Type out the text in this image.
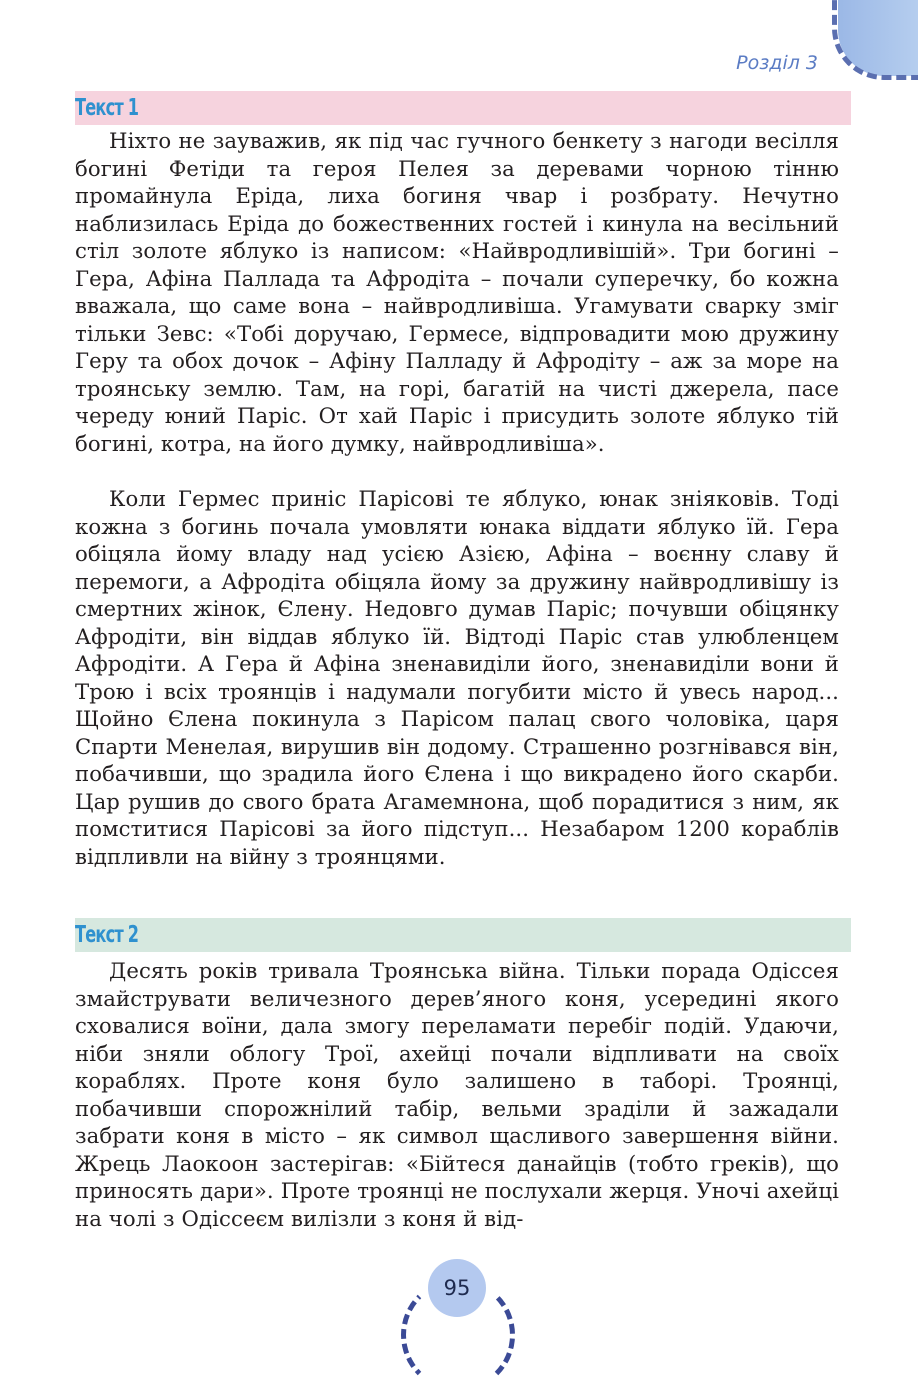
Розділ 3
Текст 1

Ніхто не зауважив, як під час гучного бенкету з нагоди весілля богині Фетіди та героя Пелея за деревами чорною тінню промайнула Еріда, лиха богиня чвар і розбрату. Нечутно наблизилась Еріда до божественних гостей і кинула на весільний стіл золоте яблуко із написом: «Найвродливішій». Три богині – Гера, Афіна Паллада та Афродіта – почали суперечку, бо кожна вважала, що саме вона – найвродливіша. Угамувати сварку зміг тільки Зевс: «Тобі доручаю, Гермесе, відпровадити мою дружину Геру та обох дочок – Афіну Палладу й Афродіту – аж за море на троянську землю. Там, на горі, багатій на чисті джерела, пасе череду юний Паріс. От хай Паріс і присудить золоте яблуко тій богині, котра, на його думку, найвродливіша».

Коли Гермес приніс Парісові те яблуко, юнак зніяковів. Тоді кожна з богинь почала умовляти юнака віддати яблуко їй. Гера обіцяла йому владу над усією Азією, Афіна – воєнну славу й перемоги, а Афродіта обіцяла йому за дружину найвродливішу із смертних жінок, Єлену. Недовго думав Паріс; почувши обіцянку Афродіти, він віддав яблуко їй. Відтоді Паріс став улюбленцем Афродіти. А Гера й Афіна зненавиділи його, зненавиділи вони й Трою і всіх троянців і надумали погубити місто й увесь народ... Щойно Єлена покинула з Парісом палац свого чоловіка, царя Спарти Менелая, вирушив він додому. Страшенно розгнівався він, побачивши, що зрадила його Єлена і що викрадено його скарби. Цар рушив до свого брата Агамемнона, щоб порадитися з ним, як помститися Парісові за його підступ... Незабаром 1200 кораблів відпливли на війну з троянцями.

Текст 2

Десять років тривала Троянська війна. Тільки порада Одіссея змайструвати величезного дерев’яного коня, усередині якого сховалися воїни, дала змогу переламати перебіг подій. Удаючи, ніби зняли облогу Трої, ахейці почали відпливати на своїх кораблях. Проте коня було залишено в таборі. Троянці, побачивши спорожнілий табір, вельми зраділи й зажадали забрати коня в місто – як символ щасливого завершення війни. Жрець Лаокоон застерігав: «Бійтеся данайців (тобто греків), що приносять дари». Проте троянці не послухали жерця. Уночі ахейці на чолі з Одіссеєм вилізли з коня й від-

95
